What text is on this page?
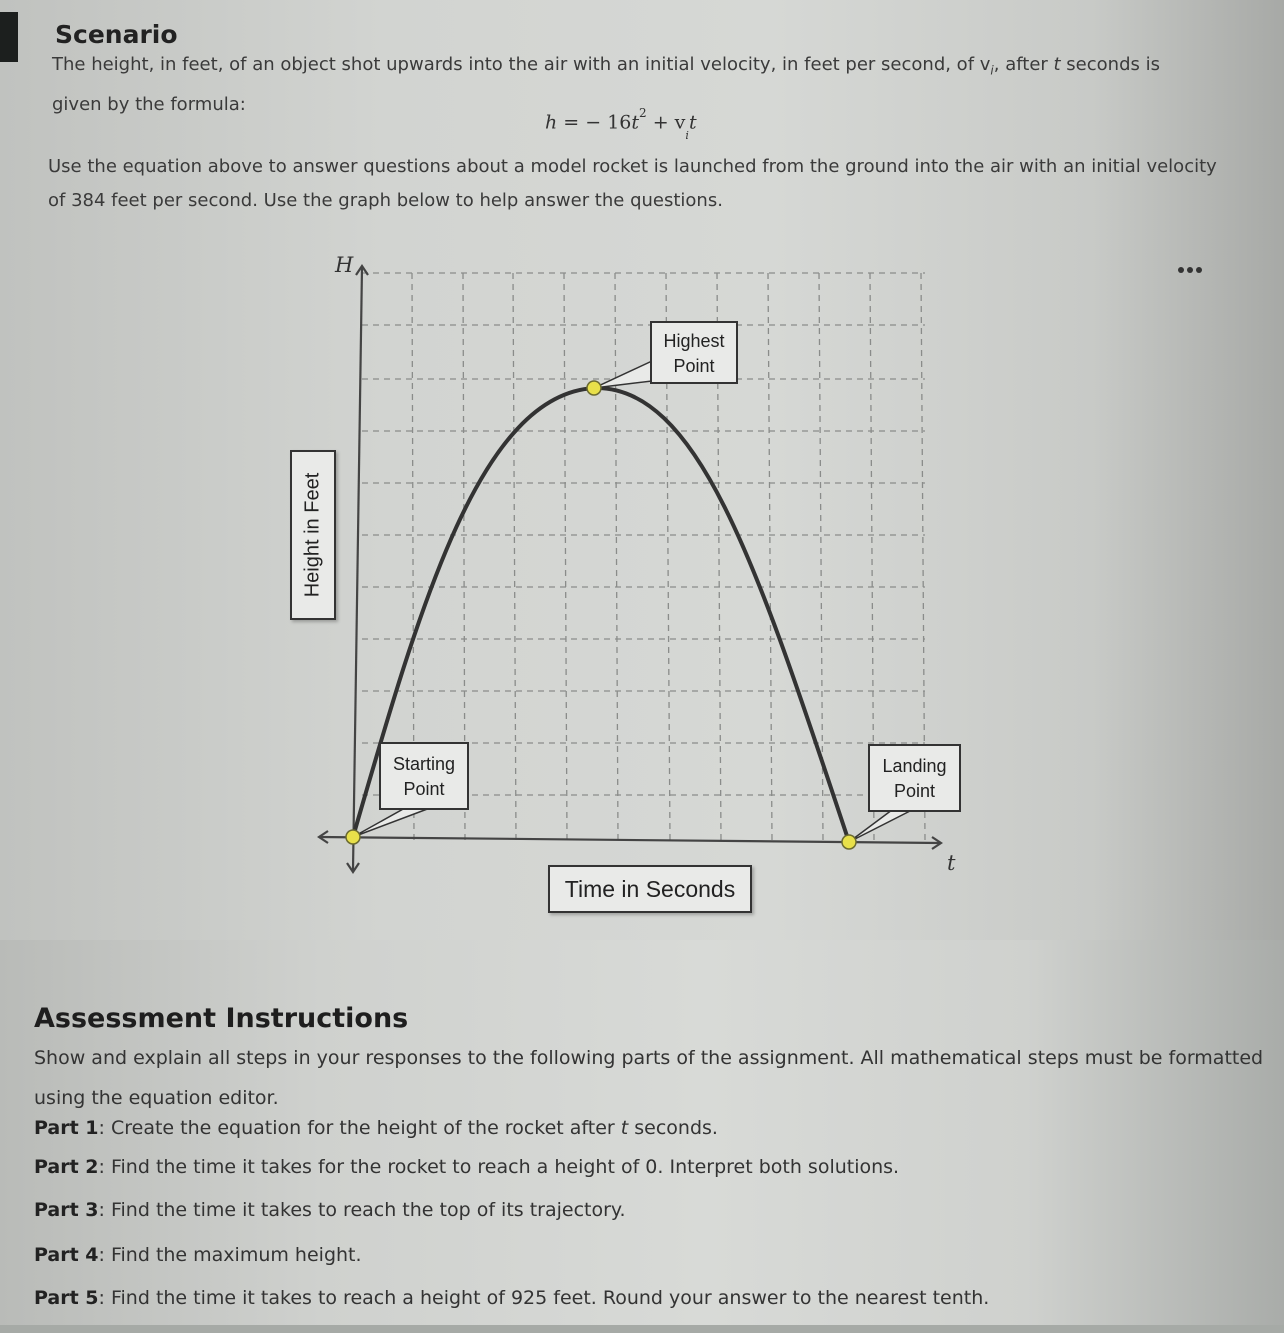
Scenario
The height, in feet, of an object shot upwards into the air with an initial velocity, in feet per second, of $v_i$, after t seconds is given by the formula:
h = − $16t^2 + v_it$
Use the equation above to answer questions about a model rocket is launched from the ground into the air with an initial velocity of 384 feet per second. Use the graph below to help answer the questions.
H
t
Highest
Point
Starting
Point
Landing
Point
Height in Feet
Time in Seconds
Assessment Instructions
Show and explain all steps in your responses to the following parts of the assignment. All mathematical steps must be formatted using the equation editor.
Part 1: Create the equation for the height of the rocket after t seconds.
Part 2: Find the time it takes for the rocket to reach a height of 0. Interpret both solutions.
Part 3: Find the time it takes to reach the top of its trajectory.
Part 4: Find the maximum height.
Part 5: Find the time it takes to reach a height of 925 feet. Round your answer to the nearest tenth.
